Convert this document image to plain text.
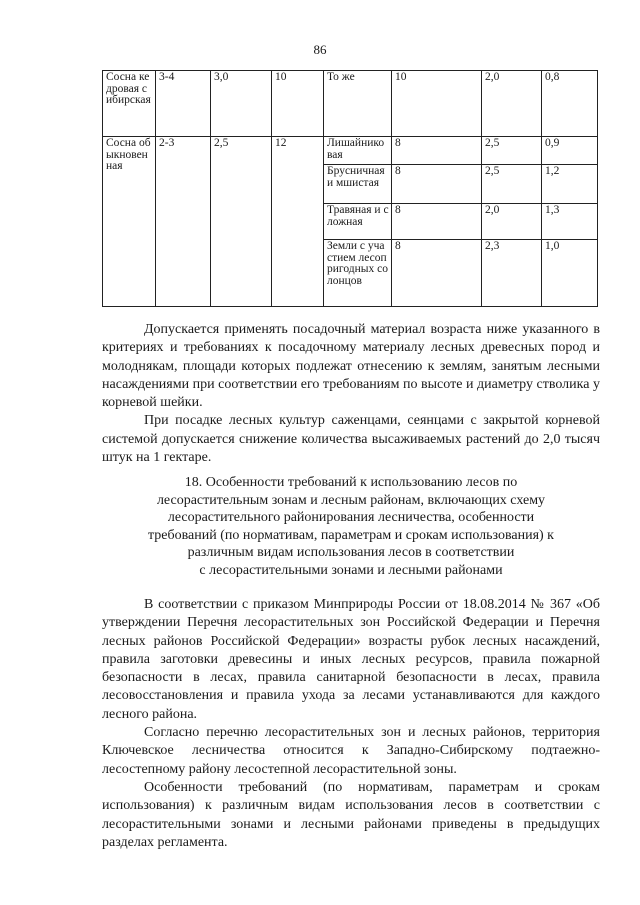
86
Сосна кедровая сибирская	3-4	3,0	10	То же	10	2,0	0,8
Сосна обыкновенная	2-3	2,5	12	Лишайниковая	8	2,5	0,9
				Брусничная и мшистая	8	2,5	1,2
				Травяная и сложная	8	2,0	1,3
				Земли с участием лесопригодных солонцов	8	2,3	1,0

Допускается применять посадочный материал возраста ниже указанного в критериях и требованиях к посадочному материалу лесных древесных пород и молоднякам, площади которых подлежат отнесению к землям, занятым лесными насаждениями при соответствии его требованиям по высоте и диаметру стволика у корневой шейки.

При посадке лесных культур саженцами, сеянцами с закрытой корневой системой допускается снижение количества высаживаемых растений до 2,0 тысяч штук на 1 гектаре.

18. Особенности требований к использованию лесов по
лесорастительным зонам и лесным районам, включающих схему
лесорастительного районирования лесничества, особенности
требований (по нормативам, параметрам и срокам использования) к
различным видам использования лесов в соответствии
с лесорастительными зонами и лесными районами

В соответствии с приказом Минприроды России от 18.08.2014 № 367 «Об утверждении Перечня лесорастительных зон Российской Федерации и Перечня лесных районов Российской Федерации» возрасты рубок лесных насаждений, правила заготовки древесины и иных лесных ресурсов, правила пожарной безопасности в лесах, правила санитарной безопасности в лесах, правила лесовосстановления и правила ухода за лесами устанавливаются для каждого лесного района.

Согласно перечню лесорастительных зон и лесных районов, территория Ключевское лесничества относится к Западно-Сибирскому подтаежно-лесостепному району лесостепной лесорастительной зоны.

Особенности требований (по нормативам, параметрам и срокам использования) к различным видам использования лесов в соответствии с лесорастительными зонами и лесными районами приведены в предыдущих разделах регламента.
